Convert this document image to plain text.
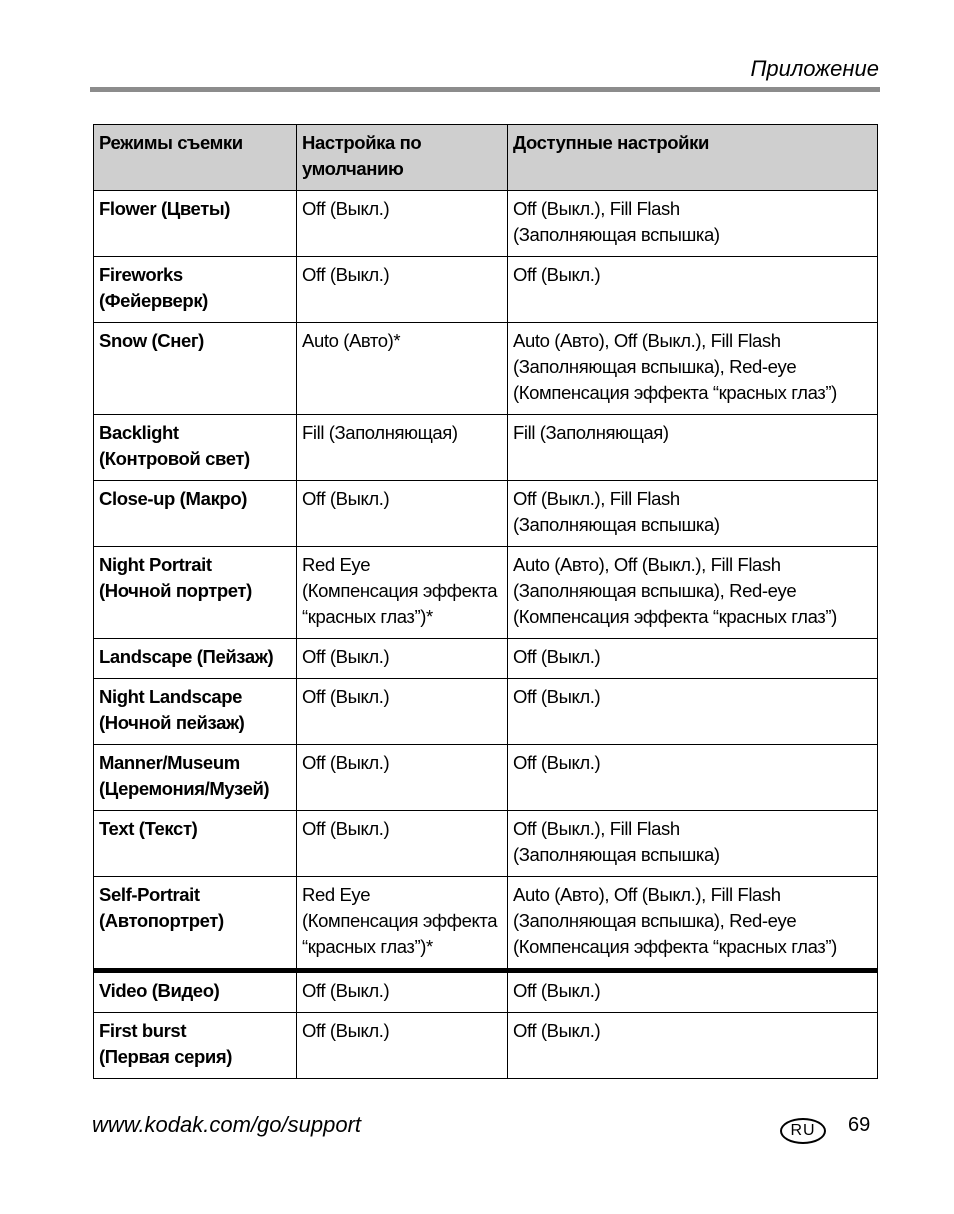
Приложение
Режимы съемки	Настройка по умолчанию	Доступные настройки

Flower (Цветы)	Off (Выкл.)	Off (Выкл.), Fill Flash
(Заполняющая вспышка)

Fireworks
(Фейерверк)	Off (Выкл.)	Off (Выкл.)

Snow (Снег)	Auto (Авто)*	Auto (Авто), Off (Выкл.), Fill Flash
(Заполняющая вспышка), Red-eye
(Компенсация эффекта “красных глаз”)

Backlight
(Контровой свет)	Fill (Заполняющая)	Fill (Заполняющая)

Close-up (Макро)	Off (Выкл.)	Off (Выкл.), Fill Flash
(Заполняющая вспышка)

Night Portrait
(Ночной портрет)	Red Eye
(Компенсация эффекта
“красных глаз”)*	Auto (Авто), Off (Выкл.), Fill Flash
(Заполняющая вспышка), Red-eye
(Компенсация эффекта “красных глаз”)

Landscape (Пейзаж)	Off (Выкл.)	Off (Выкл.)

Night Landscape
(Ночной пейзаж)	Off (Выкл.)	Off (Выкл.)

Manner/Museum
(Церемония/Музей)	Off (Выкл.)	Off (Выкл.)

Text (Текст)	Off (Выкл.)	Off (Выкл.), Fill Flash
(Заполняющая вспышка)

Self-Portrait
(Автопортрет)	Red Eye
(Компенсация эффекта
“красных глаз”)*	Auto (Авто), Off (Выкл.), Fill Flash
(Заполняющая вспышка), Red-eye
(Компенсация эффекта “красных глаз”)

Video (Видео)	Off (Выкл.)	Off (Выкл.)

First burst
(Первая серия)	Off (Выкл.)	Off (Выкл.)
www.kodak.com/go/support	RU	69
